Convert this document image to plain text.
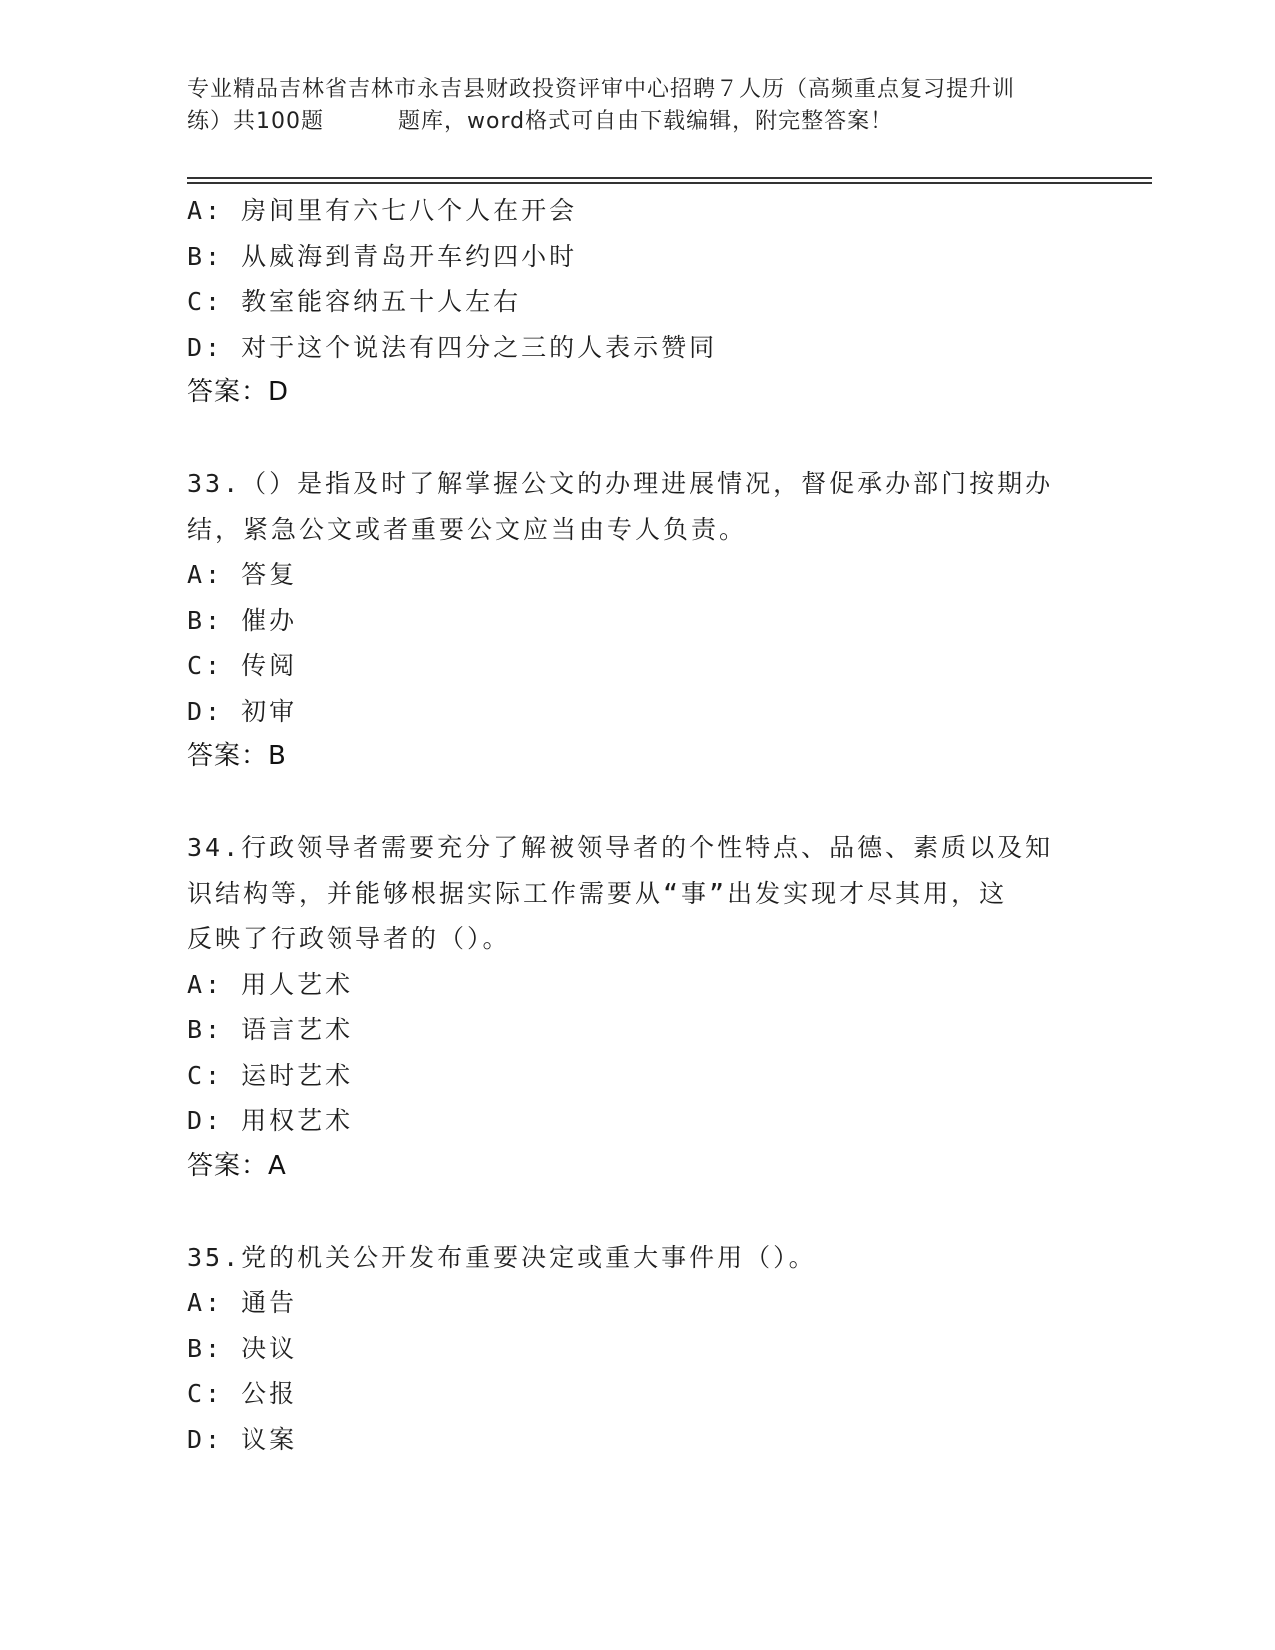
专业精品吉林省吉林市永吉县财政投资评审中心招聘７人历（高频重点复习提升训
练）共100题	题库，word格式可自由下载编辑，附完整答案！
A: 房间里有六七八个人在开会
B: 从威海到青岛开车约四小时
C: 教室能容纳五十人左右
D: 对于这个说法有四分之三的人表示赞同
答案：D
33.（）是指及时了解掌握公文的办理进展情况，督促承办部门按期办
结，紧急公文或者重要公文应当由专人负责。
A: 答复
B: 催办
C: 传阅
D: 初审
答案：B
34.行政领导者需要充分了解被领导者的个性特点、品德、素质以及知
识结构等，并能够根据实际工作需要从“事”出发实现才尽其用，这
反映了行政领导者的（）。
A: 用人艺术
B: 语言艺术
C: 运时艺术
D: 用权艺术
答案：A
35.党的机关公开发布重要决定或重大事件用（）。
A: 通告
B: 决议
C: 公报
D: 议案
